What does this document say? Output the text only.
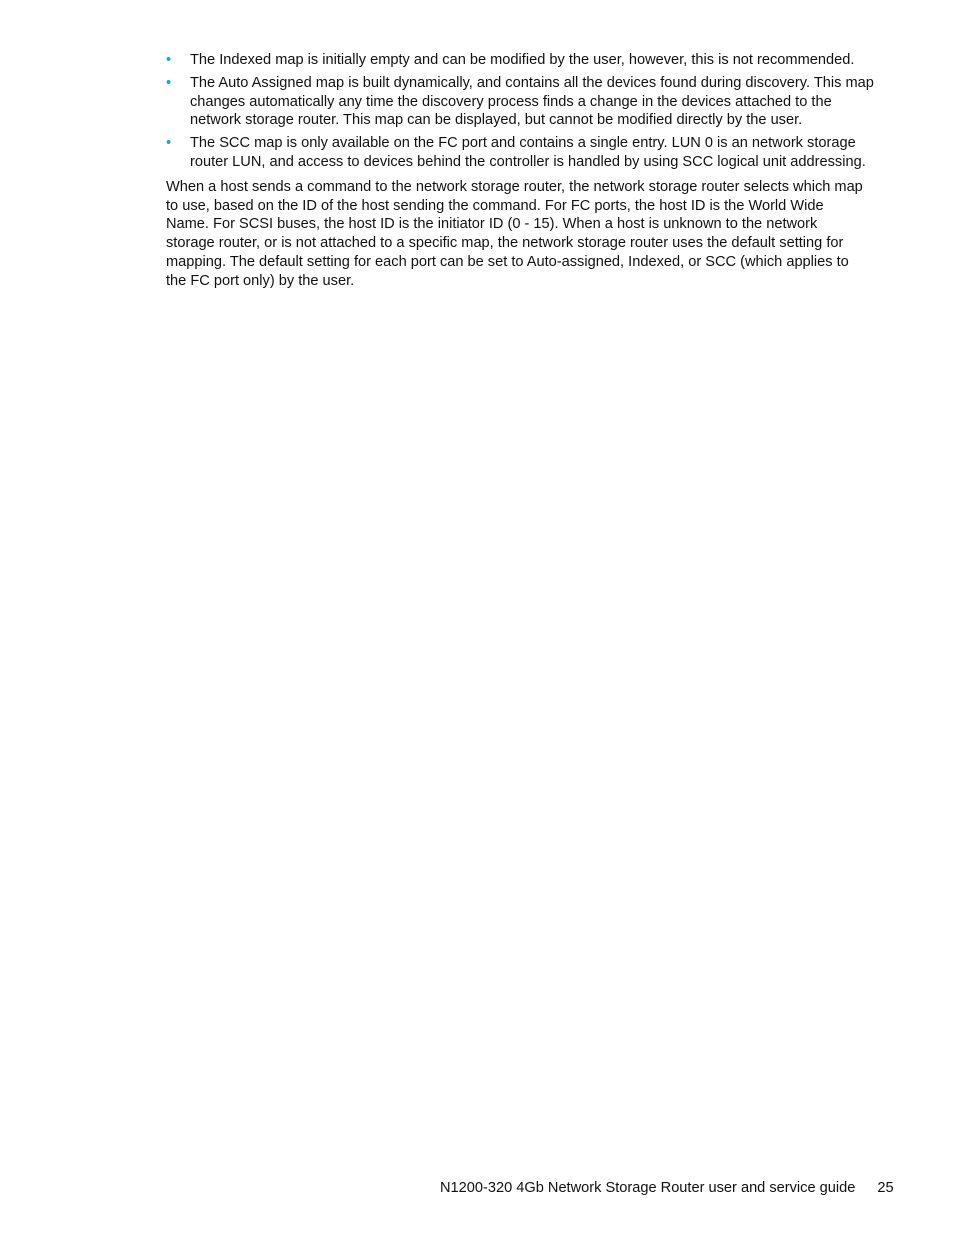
• The Indexed map is initially empty and can be modified by the user, however, this is not recommended.
• The Auto Assigned map is built dynamically, and contains all the devices found during discovery. This map changes automatically any time the discovery process finds a change in the devices attached to the network storage router. This map can be displayed, but cannot be modified directly by the user.
• The SCC map is only available on the FC port and contains a single entry. LUN 0 is an network storage router LUN, and access to devices behind the controller is handled by using SCC logical unit addressing.

When a host sends a command to the network storage router, the network storage router selects which map to use, based on the ID of the host sending the command. For FC ports, the host ID is the World Wide Name. For SCSI buses, the host ID is the initiator ID (0 - 15). When a host is unknown to the network storage router, or is not attached to a specific map, the network storage router uses the default setting for mapping. The default setting for each port can be set to Auto-assigned, Indexed, or SCC (which applies to the FC port only) by the user.

N1200-320 4Gb Network Storage Router user and service guide 25
